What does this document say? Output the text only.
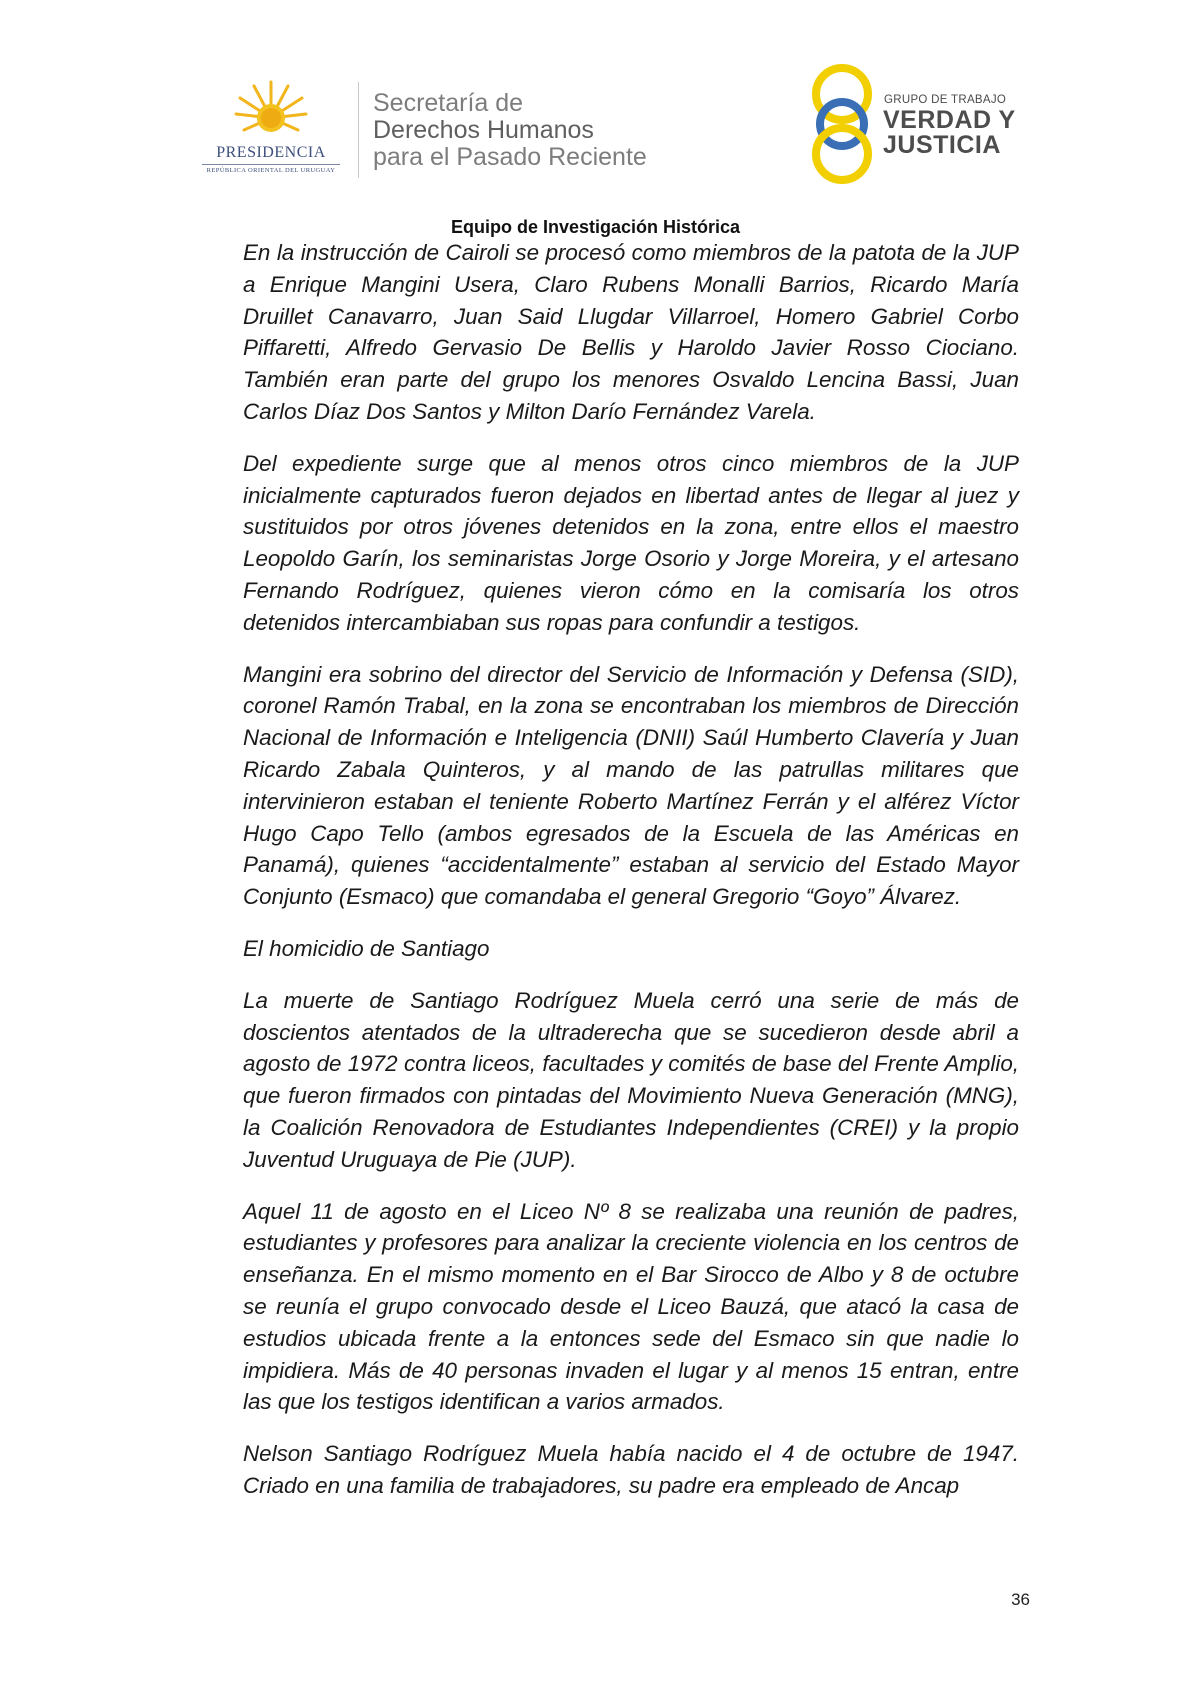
PRESIDENCIA
REPÚBLICA ORIENTAL DEL URUGUAY
Secretaría de
Derechos Humanos
para el Pasado Reciente
GRUPO DE TRABAJO
VERDAD Y
JUSTICIA
Equipo de Investigación Histórica

En la instrucción de Cairoli se procesó como miembros de la patota de la JUP a Enrique Mangini Usera, Claro Rubens Monalli Barrios, Ricardo María Druillet Canavarro, Juan Said Llugdar Villarroel, Homero Gabriel Corbo Piffaretti, Alfredo Gervasio De Bellis y Haroldo Javier Rosso Ciociano. También eran parte del grupo los menores Osvaldo Lencina Bassi, Juan Carlos Díaz Dos Santos y Milton Darío Fernández Varela.

Del expediente surge que al menos otros cinco miembros de la JUP inicialmente capturados fueron dejados en libertad antes de llegar al juez y sustituidos por otros jóvenes detenidos en la zona, entre ellos el maestro Leopoldo Garín, los seminaristas Jorge Osorio y Jorge Moreira, y el artesano Fernando Rodríguez, quienes vieron cómo en la comisaría los otros detenidos intercambiaban sus ropas para confundir a testigos.

Mangini era sobrino del director del Servicio de Información y Defensa (SID), coronel Ramón Trabal, en la zona se encontraban los miembros de Dirección Nacional de Información e Inteligencia (DNII) Saúl Humberto Clavería y Juan Ricardo Zabala Quinteros, y al mando de las patrullas militares que intervinieron estaban el teniente Roberto Martínez Ferrán y el alférez Víctor Hugo Capo Tello (ambos egresados de la Escuela de las Américas en Panamá), quienes “accidentalmente” estaban al servicio del Estado Mayor Conjunto (Esmaco) que comandaba el general Gregorio “Goyo” Álvarez.

El homicidio de Santiago

La muerte de Santiago Rodríguez Muela cerró una serie de más de doscientos atentados de la ultraderecha que se sucedieron desde abril a agosto de 1972 contra liceos, facultades y comités de base del Frente Amplio, que fueron firmados con pintadas del Movimiento Nueva Generación (MNG), la Coalición Renovadora de Estudiantes Independientes (CREI) y la propio Juventud Uruguaya de Pie (JUP).

Aquel 11 de agosto en el Liceo Nº 8 se realizaba una reunión de padres, estudiantes y profesores para analizar la creciente violencia en los centros de enseñanza. En el mismo momento en el Bar Sirocco de Albo y 8 de octubre se reunía el grupo convocado desde el Liceo Bauzá, que atacó la casa de estudios ubicada frente a la entonces sede del Esmaco sin que nadie lo impidiera. Más de 40 personas invaden el lugar y al menos 15 entran, entre las que los testigos identifican a varios armados.

Nelson Santiago Rodríguez Muela había nacido el 4 de octubre de 1947. Criado en una familia de trabajadores, su padre era empleado de Ancap

36
